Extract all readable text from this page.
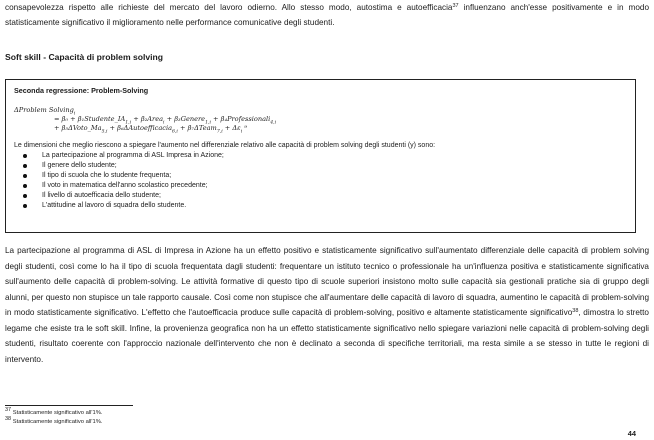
consapevolezza rispetto alle richieste del mercato del lavoro odierno. Allo stesso modo, autostima e autoefficacia$^{37}$ influenzano anch'esse positivamente e in modo statisticamente significativo il miglioramento nelle performance comunicative degli studenti.

Soft skill - Capacità di problem solving

Seconda regressione: Problem-Solving

ΔProblem Solving$_i$
= $\beta_0 + \beta_1Studente\_IA_{1,i}$ + β₂Area$_i$ + β₃Genere$_{1,i}$ + β₄Professionali$_{4,i}$
+ $\beta_5\Delta Voto\_Ma_{5,i}$ + β₆ΔAutoefficacia$_{6,i}$ + β₇ΔTeam$_{7,i}$ + $\Delta\varepsilon_i$ ⁹

Le dimensioni che meglio riescono a spiegare l'aumento nel differenziale relativo alle capacità di problem solving degli studenti (y) sono:

La partecipazione al programma di ASL Impresa in Azione;
Il genere dello studente;
Il tipo di scuola che lo studente frequenta;
Il voto in matematica dell'anno scolastico precedente;
Il livello di autoefficacia dello studente;
L'attitudine al lavoro di squadra dello studente.

La partecipazione al programma di ASL di Impresa in Azione ha un effetto positivo e statisticamente significativo sull'aumentato differenziale delle capacità di problem solving degli studenti, così come lo ha il tipo di scuola frequentata dagli studenti: frequentare un istituto tecnico o professionale ha un'influenza positiva e statisticamente significativa sull'aumento delle capacità di problem-solving. Le attività formative di questo tipo di scuole superiori insistono molto sulle capacità sia gestionali pratiche sia di gruppo degli alunni, per questo non stupisce un tale rapporto causale. Così come non stupisce che all'aumentare delle capacità di lavoro di squadra, aumentino le capacità di problem-solving in modo statisticamente significativo. L'effetto che l'autoefficacia produce sulle capacità di problem-solving, positivo e altamente statisticamente significativo$^{38}$, dimostra lo stretto legame che esiste tra le soft skill. Infine, la provenienza geografica non ha un effetto statisticamente significativo nello spiegare variazioni nelle capacità di problem-solving degli studenti, risultato coerente con l'approccio nazionale dell'intervento che non è declinato a seconda di specifiche territoriali, ma resta simile a se stesso in tutte le regioni di intervento.

$^{37}$ Statisticamente significativo all'1%.

$^{38}$ Statisticamente significativo all'1%.

44
